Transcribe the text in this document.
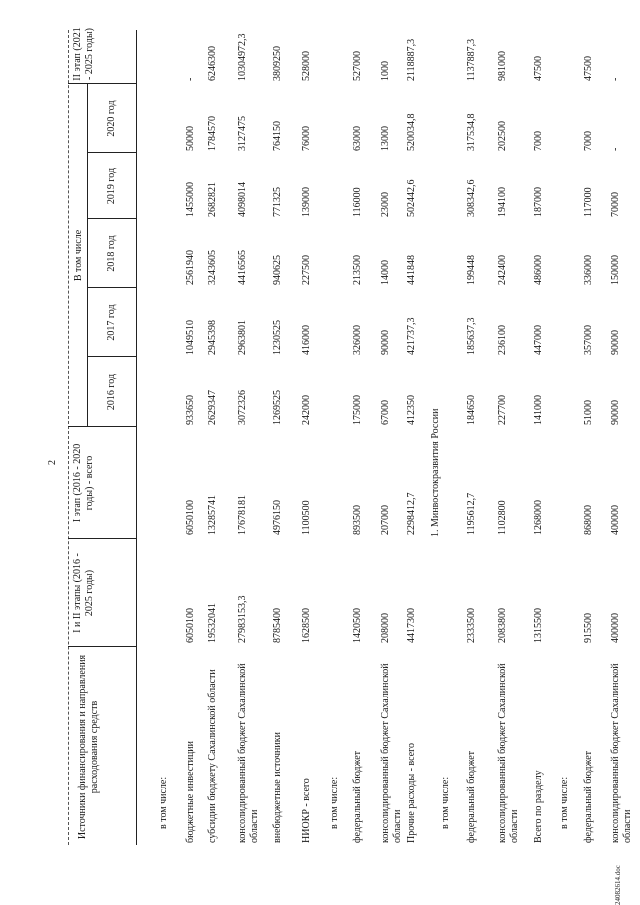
2
Источники финансирования и направления расходования средств
I и II этапы (2016 - 2025 годы)
I этап (2016 - 2020 годы) - всего
В том числе
2016 год
2017 год
2018 год
2019 год
2020 год
II этап (2021 - 2025 годы)
в том числе: бюджетные инвестиции
6050100
6050100
933650
1049510
2561940
1455000
50000
-
субсидии бюджету Сахалинской области
19532041
13285741
2629347
2945398
3243605
2682821
1784570
6246300
консолидированный бюджет Сахалинской области
27983153,3
17678181
3072326
2963801
4416565
4098014
3127475
10304972,3
внебюджетные источники
8785400
4976150
1269525
1230525
940625
771325
764150
3809250
НИОКР - всего
1628500
1100500
242000
416000
227500
139000
76000
528000
в том числе: федеральный бюджет
1420500
893500
175000
326000
213500
116000
63000
527000
консолидированный бюджет Сахалинской области
208000
207000
67000
90000
14000
23000
13000
1000
Прочие расходы - всего
4417300
2298412,7
412350
421737,3
441848
502442,6
520034,8
2118887,3
в том числе: федеральный бюджет
2333500
1195612,7
184650
185637,3
199448
308342,6
317534,8
1137887,3
консолидированный бюджет Сахалинской области
2083800
1102800
227700
236100
242400
194100
202500
981000
Всего по разделу
1315500
1268000
141000
447000
486000
187000
7000
47500
в том числе: федеральный бюджет
915500
868000
51000
357000
336000
117000
7000
47500
консолидированный бюджет Сахалинской области
400000
400000
90000
90000
150000
70000
-
-
1. Минвостокразвития России
24082614.doc
